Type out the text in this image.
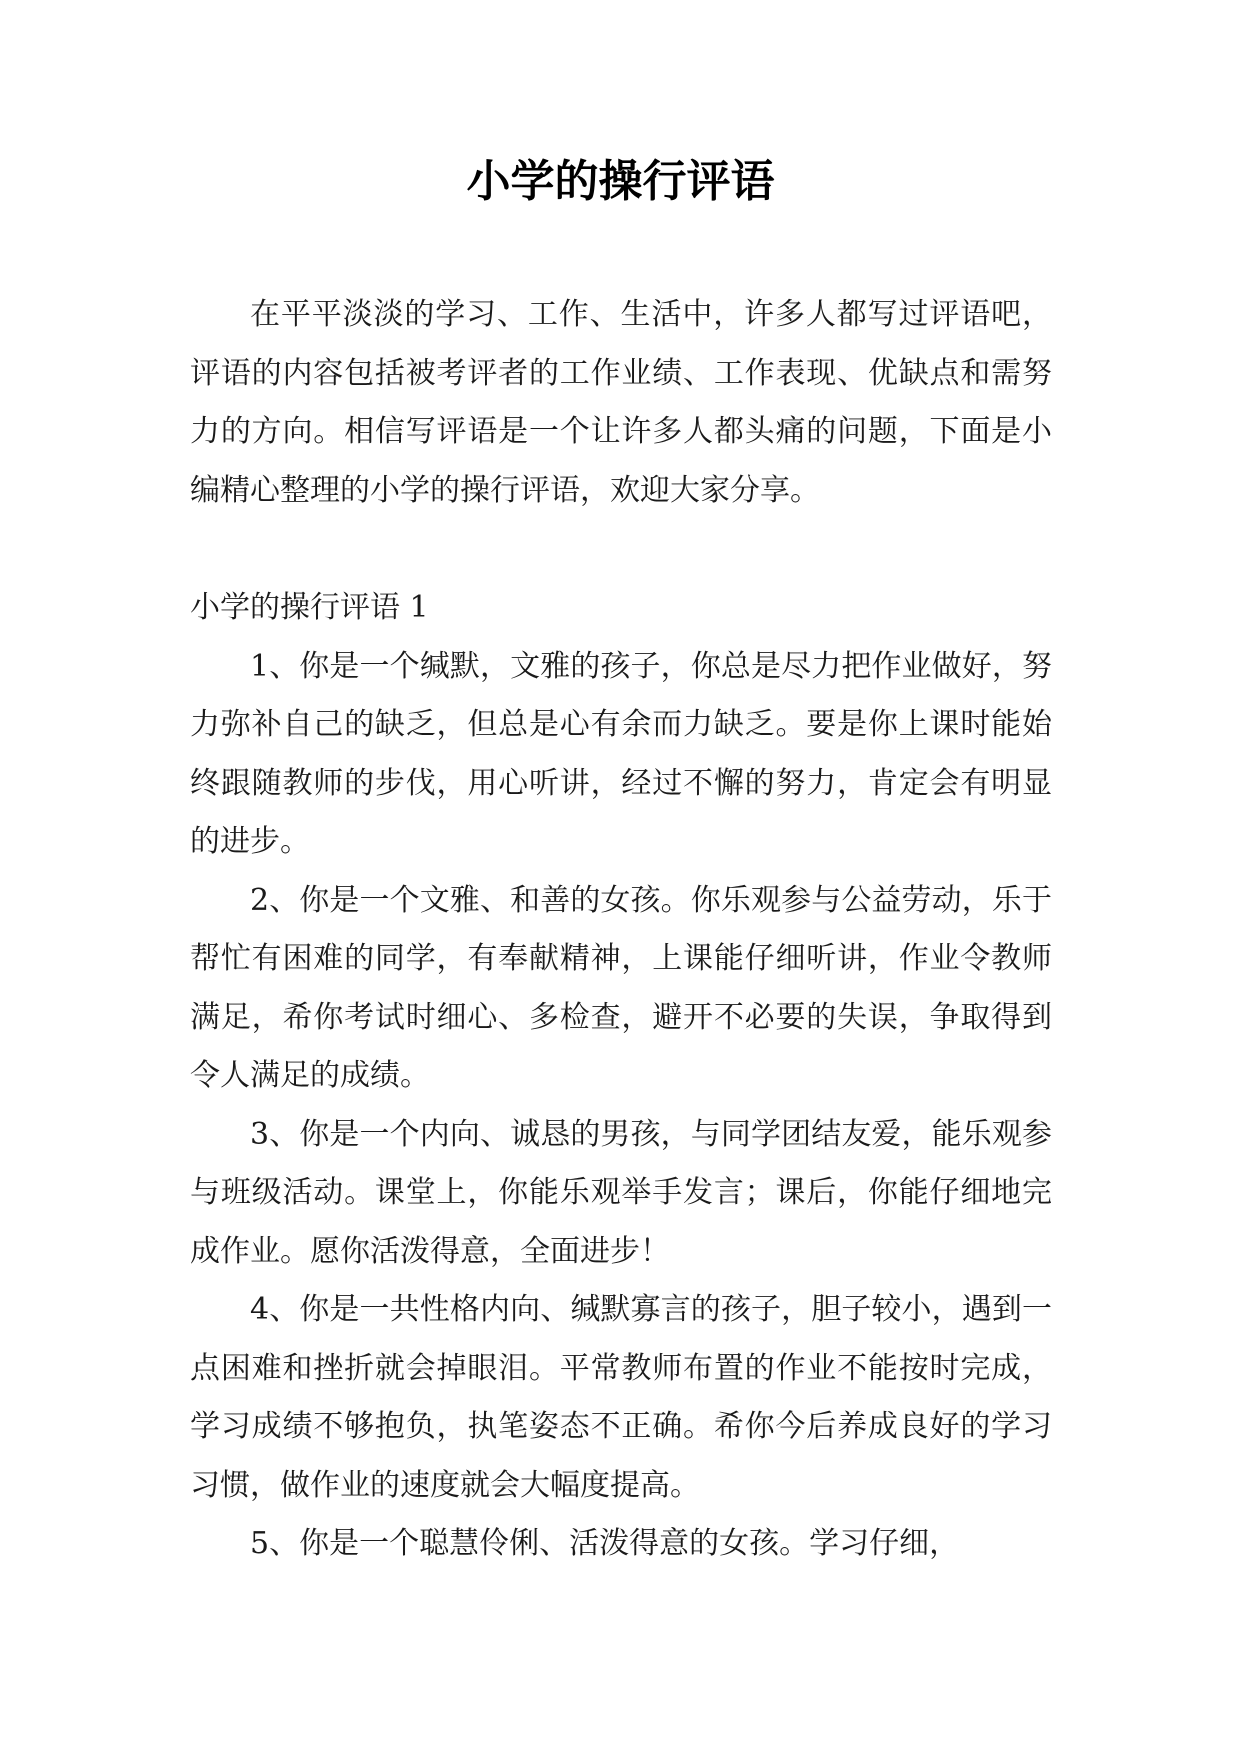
小学的操行评语

在平平淡淡的学习、工作、生活中，许多人都写过评语吧，评语的内容包括被考评者的工作业绩、工作表现、优缺点和需努力的方向。相信写评语是一个让许多人都头痛的问题，下面是小编精心整理的小学的操行评语，欢迎大家分享。

小学的操行评语 1

1、你是一个缄默，文雅的孩子，你总是尽力把作业做好，努力弥补自己的缺乏，但总是心有余而力缺乏。要是你上课时能始终跟随教师的步伐，用心听讲，经过不懈的努力，肯定会有明显的进步。

2、你是一个文雅、和善的女孩。你乐观参与公益劳动，乐于帮忙有困难的同学，有奉献精神，上课能仔细听讲，作业令教师满足，希你考试时细心、多检查，避开不必要的失误，争取得到令人满足的成绩。

3、你是一个内向、诚恳的男孩，与同学团结友爱，能乐观参与班级活动。课堂上，你能乐观举手发言；课后，你能仔细地完成作业。愿你活泼得意，全面进步！

4、你是一共性格内向、缄默寡言的孩子，胆子较小，遇到一点困难和挫折就会掉眼泪。平常教师布置的作业不能按时完成，学习成绩不够抱负，执笔姿态不正确。希你今后养成良好的学习习惯，做作业的速度就会大幅度提高。

5、你是一个聪慧伶俐、活泼得意的女孩。学习仔细，
